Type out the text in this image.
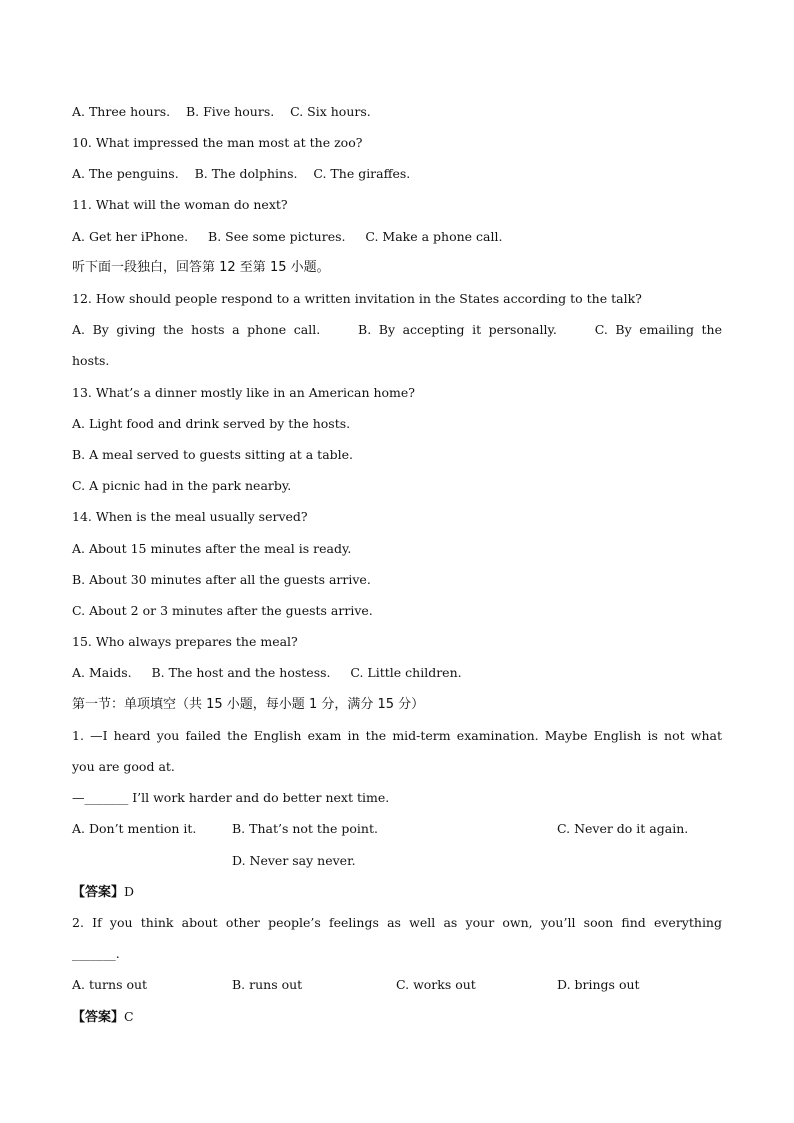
A. Three hours.    B. Five hours.    C. Six hours.
10. What impressed the man most at the zoo?
A. The penguins.    B. The dolphins.    C. The giraffes.
11. What will the woman do next?
A. Get her iPhone.     B. See some pictures.     C. Make a phone call.
听下面一段独白，回答第 12 至第 15 小题。
12. How should people respond to a written invitation in the States according to the talk?
A. By giving the hosts a phone call.     B. By accepting it personally.     C. By emailing the
hosts.
13. What’s a dinner mostly like in an American home?
A. Light food and drink served by the hosts.
B. A meal served to guests sitting at a table.
C. A picnic had in the park nearby.
14. When is the meal usually served?
A. About 15 minutes after the meal is ready.
B. About 30 minutes after all the guests arrive.
C. About 2 or 3 minutes after the guests arrive.
15. Who always prepares the meal?
A. Maids.     B. The host and the hostess.     C. Little children.
第一节：单项填空（共 15 小题，每小题 1 分，满分 15 分）
1. —I heard you failed the English exam in the mid-term examination. Maybe English is not what
you are good at.
—_______ I’ll work harder and do better next time.
A. Don’t mention it.	B. That’s not the point.	C. Never do it again.
D. Never say never.
【答案】D
2. If you think about other people’s feelings as well as your own, you’ll soon find everything
_______.
A. turns out	B. runs out	C. works out	D. brings out
【答案】C
